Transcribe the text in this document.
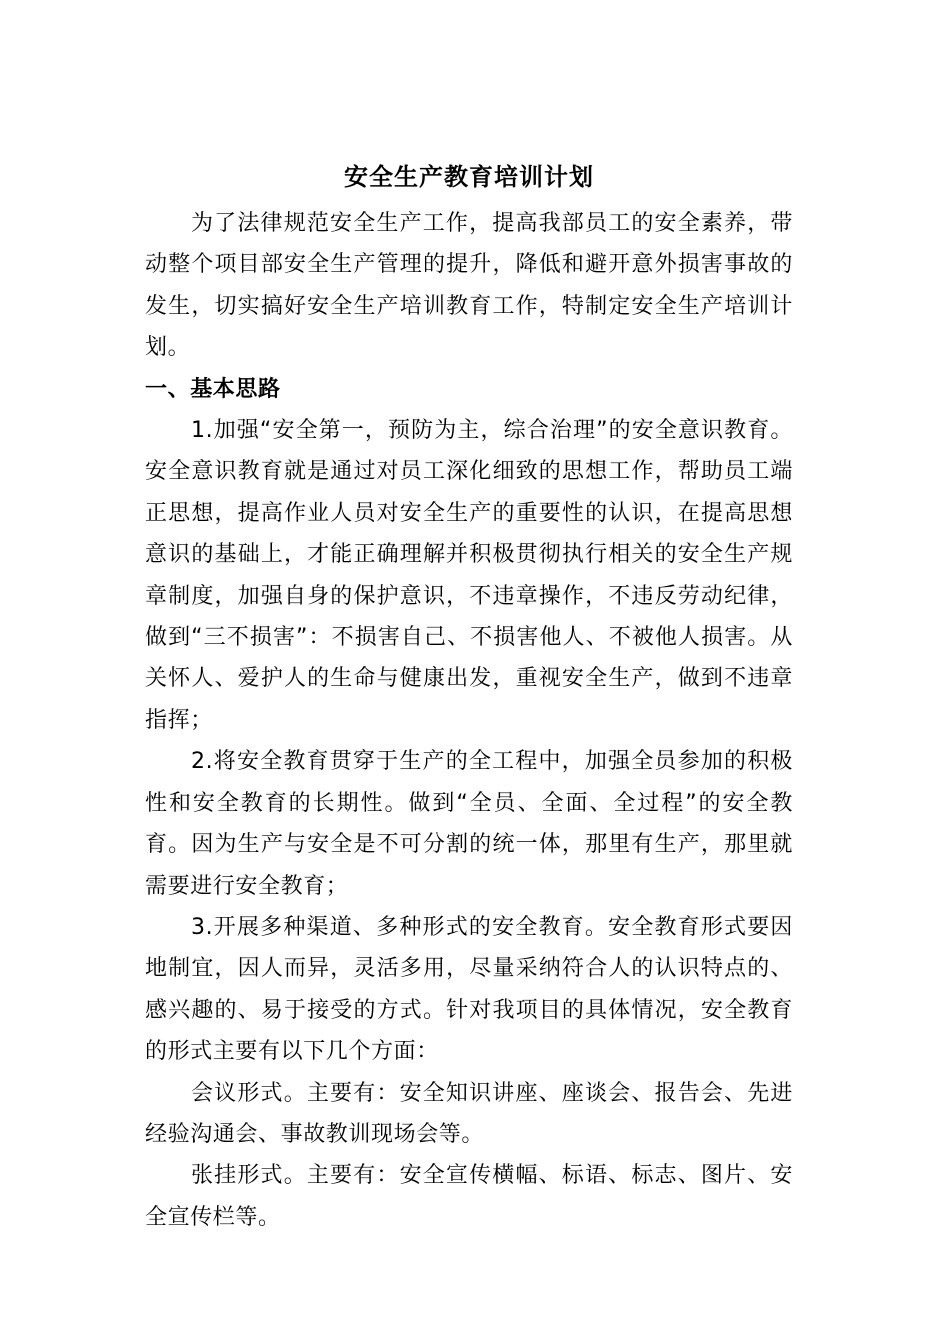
安全生产教育培训计划

为了法律规范安全生产工作，提高我部员工的安全素养，带动整个项目部安全生产管理的提升，降低和避开意外损害事故的发生，切实搞好安全生产培训教育工作，特制定安全生产培训计划。

一、基本思路

1.加强“安全第一，预防为主，综合治理”的安全意识教育。安全意识教育就是通过对员工深化细致的思想工作，帮助员工端正思想，提高作业人员对安全生产的重要性的认识，在提高思想意识的基础上，才能正确理解并积极贯彻执行相关的安全生产规章制度，加强自身的保护意识，不违章操作，不违反劳动纪律，做到“三不损害”：不损害自己、不损害他人、不被他人损害。从关怀人、爱护人的生命与健康出发，重视安全生产，做到不违章指挥；

2.将安全教育贯穿于生产的全工程中，加强全员参加的积极性和安全教育的长期性。做到“全员、全面、全过程”的安全教育。因为生产与安全是不可分割的统一体，那里有生产，那里就需要进行安全教育；

3.开展多种渠道、多种形式的安全教育。安全教育形式要因地制宜，因人而异，灵活多用，尽量采纳符合人的认识特点的、感兴趣的、易于接受的方式。针对我项目的具体情况，安全教育的形式主要有以下几个方面：

会议形式。主要有：安全知识讲座、座谈会、报告会、先进经验沟通会、事故教训现场会等。

张挂形式。主要有：安全宣传横幅、标语、标志、图片、安全宣传栏等。
